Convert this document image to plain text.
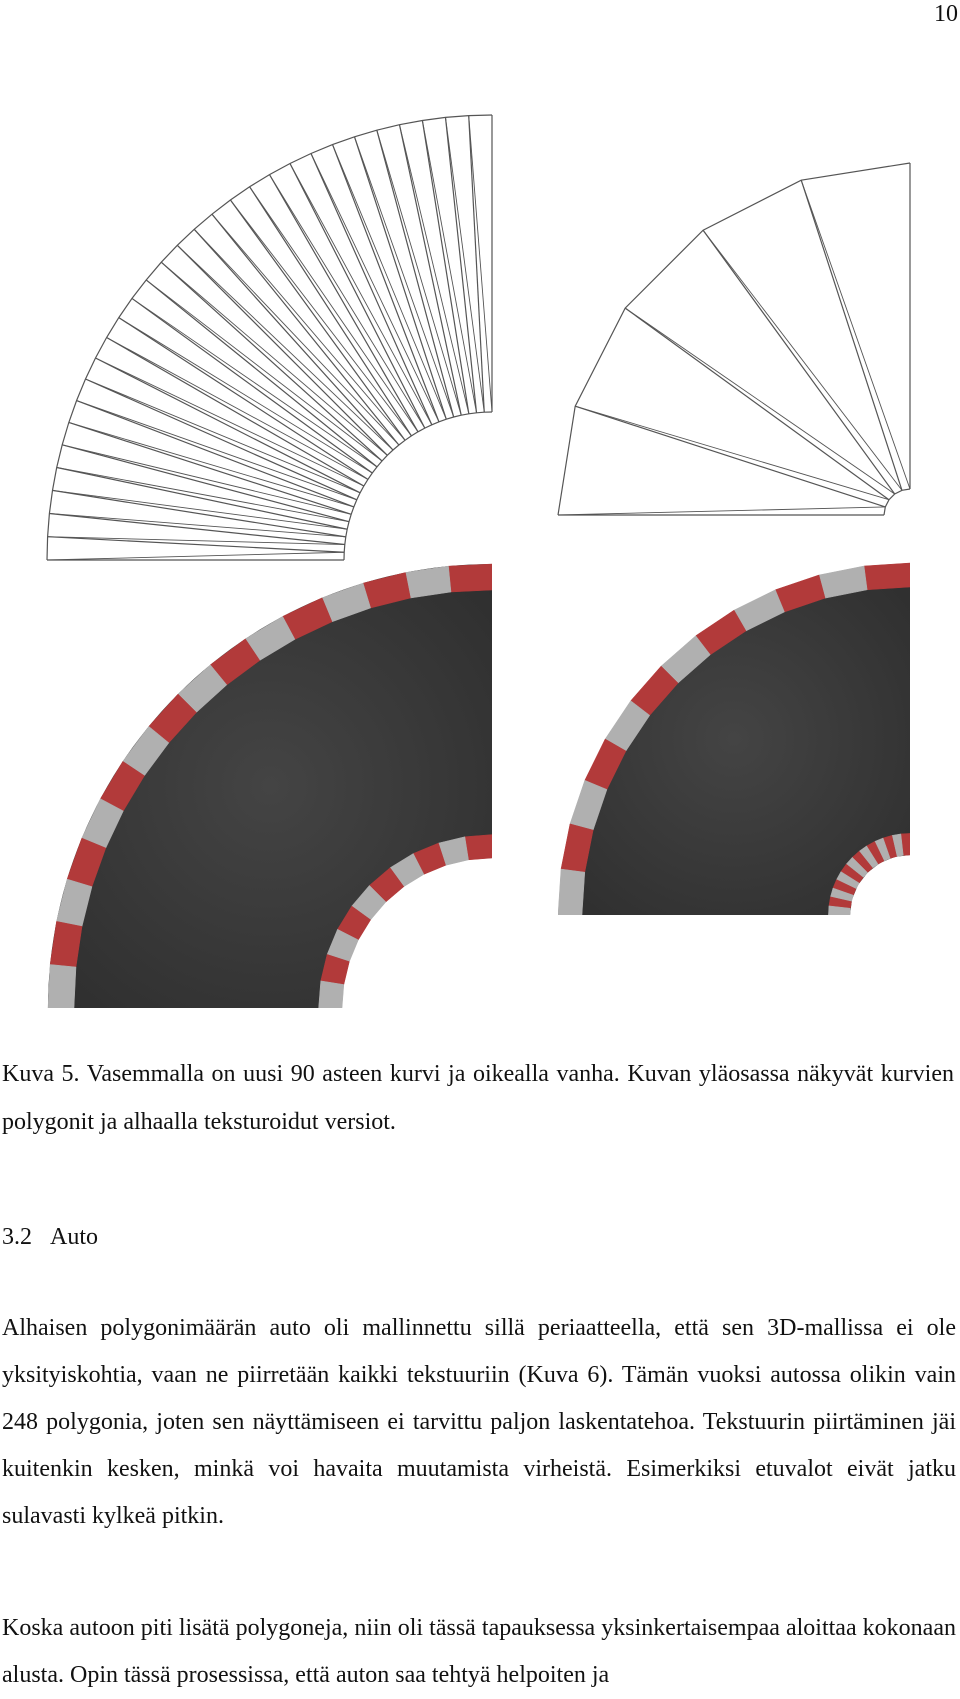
10
Kuva 5. Vasemmalla on uusi 90 asteen kurvi ja oikealla vanha. Kuvan yläosassa näkyvät kurvien polygonit ja alhaalla teksturoidut versiot.
3.2 Auto

Alhaisen polygonimäärän auto oli mallinnettu sillä periaatteella, että sen 3D-mallissa ei ole yksityiskohtia, vaan ne piirretään kaikki tekstuuriin (Kuva 6). Tämän vuoksi autossa olikin vain 248 polygonia, joten sen näyttämiseen ei tarvittu paljon laskentatehoa. Tekstuurin piirtäminen jäi kuitenkin kesken, minkä voi havaita muutamista virheistä. Esimerkiksi etuvalot eivät jatku sulavasti kylkeä pitkin.

Koska autoon piti lisätä polygoneja, niin oli tässä tapauksessa yksinkertaisempaa aloittaa kokonaan alusta. Opin tässä prosessissa, että auton saa tehtyä helpoiten ja
